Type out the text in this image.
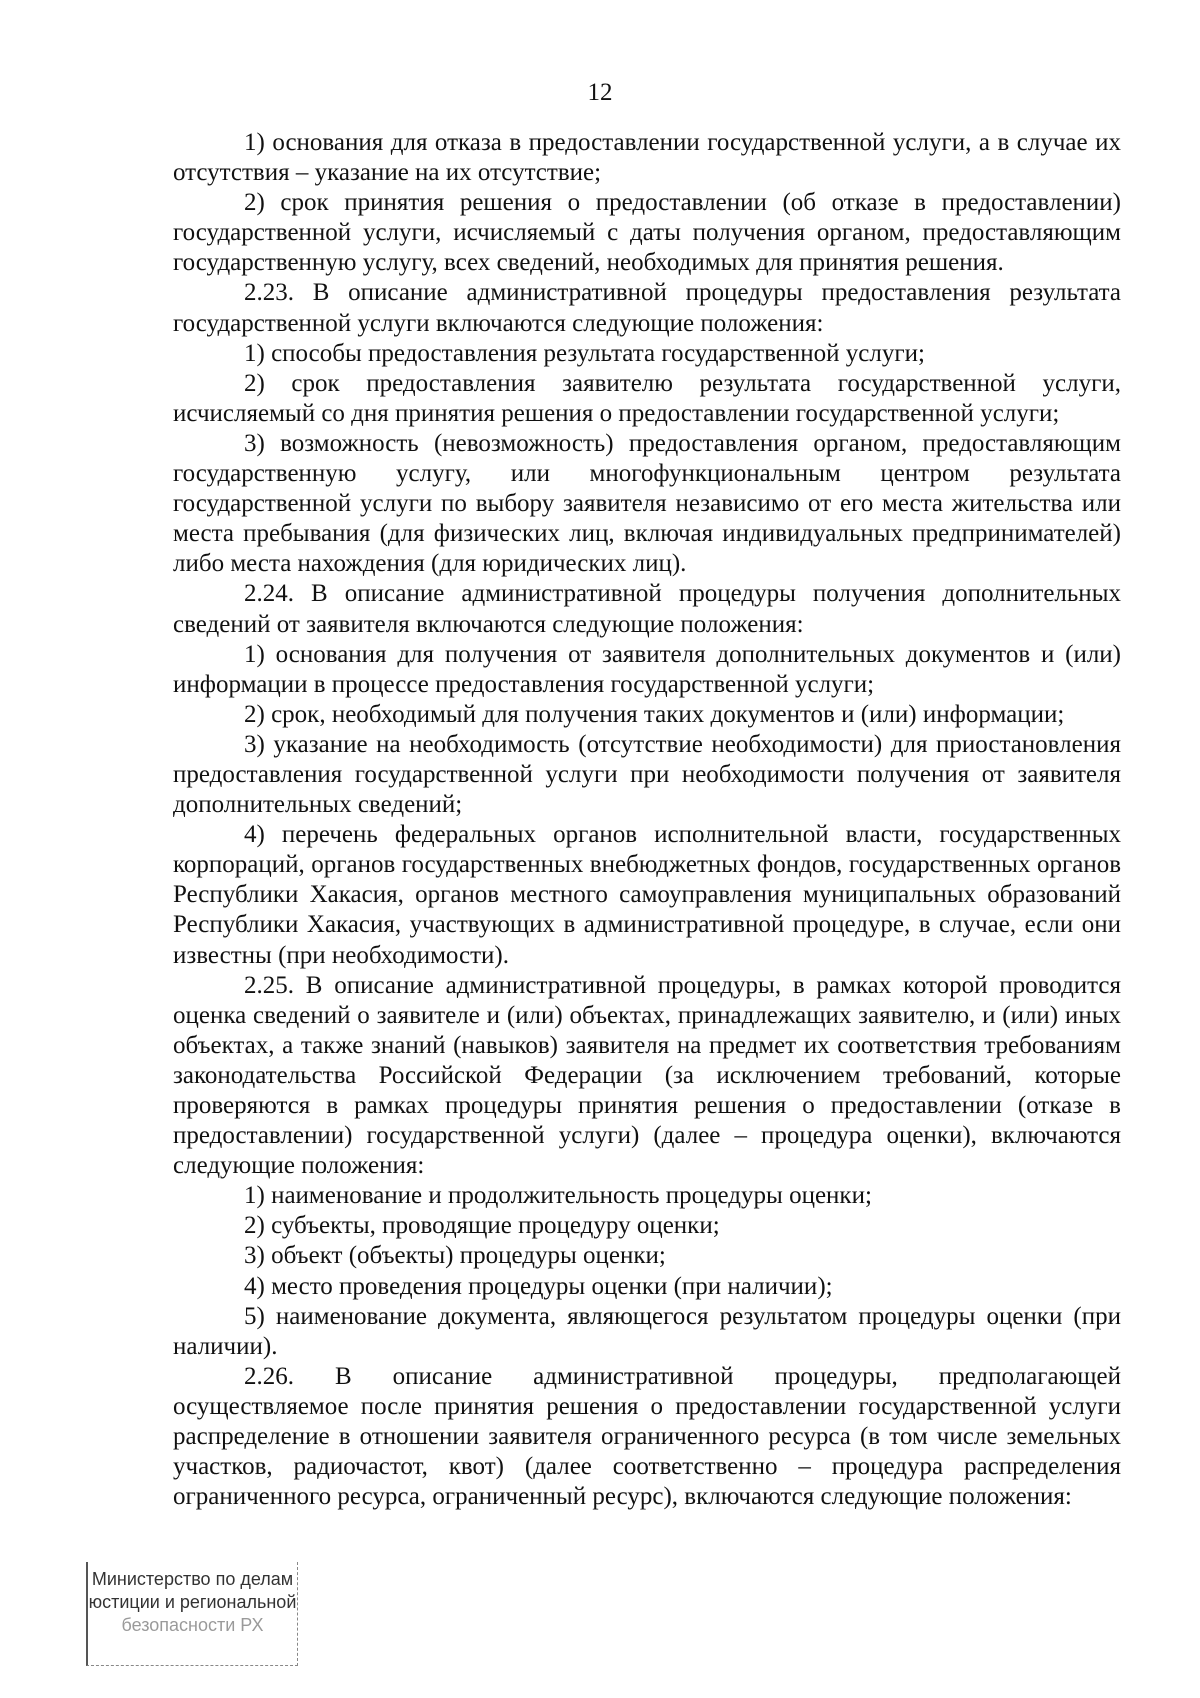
12

1) основания для отказа в предоставлении государственной услуги, а в случае их отсутствия – указание на их отсутствие;

2) срок принятия решения о предоставлении (об отказе в предоставлении) государственной услуги, исчисляемый с даты получения органом, предоставляющим государственную услугу, всех сведений, необходимых для принятия решения.

2.23. В описание административной процедуры предоставления результата государственной услуги включаются следующие положения:

1) способы предоставления результата государственной услуги;

2) срок предоставления заявителю результата государственной услуги, исчисляемый со дня принятия решения о предоставлении государственной услуги;

3) возможность (невозможность) предоставления органом, предоставляющим государственную услугу, или многофункциональным центром результата государственной услуги по выбору заявителя независимо от его места жительства или места пребывания (для физических лиц, включая индивидуальных предпринимателей) либо места нахождения (для юридических лиц).

2.24. В описание административной процедуры получения дополнительных сведений от заявителя включаются следующие положения:

1) основания для получения от заявителя дополнительных документов и (или) информации в процессе предоставления государственной услуги;

2) срок, необходимый для получения таких документов и (или) информации;

3) указание на необходимость (отсутствие необходимости) для приостановления предоставления государственной услуги при необходимости получения от заявителя дополнительных сведений;

4) перечень федеральных органов исполнительной власти, государственных корпораций, органов государственных внебюджетных фондов, государственных органов Республики Хакасия, органов местного самоуправления муниципальных образований Республики Хакасия, участвующих в административной процедуре, в случае, если они известны (при необходимости).

2.25. В описание административной процедуры, в рамках которой проводится оценка сведений о заявителе и (или) объектах, принадлежащих заявителю, и (или) иных объектах, а также знаний (навыков) заявителя на предмет их соответствия требованиям законодательства Российской Федерации (за исключением требований, которые проверяются в рамках процедуры принятия решения о предоставлении (отказе в предоставлении) государственной услуги) (далее – процедура оценки), включаются следующие положения:

1) наименование и продолжительность процедуры оценки;

2) субъекты, проводящие процедуру оценки;

3) объект (объекты) процедуры оценки;

4) место проведения процедуры оценки (при наличии);

5) наименование документа, являющегося результатом процедуры оценки (при наличии).

2.26. В описание административной процедуры, предполагающей осуществляемое после принятия решения о предоставлении государственной услуги распределение в отношении заявителя ограниченного ресурса (в том числе земельных участков, радиочастот, квот) (далее соответственно – процедура распределения ограниченного ресурса, ограниченный ресурс), включаются следующие положения:

Министерство по делам
юстиции и региональной
безопасности РХ
